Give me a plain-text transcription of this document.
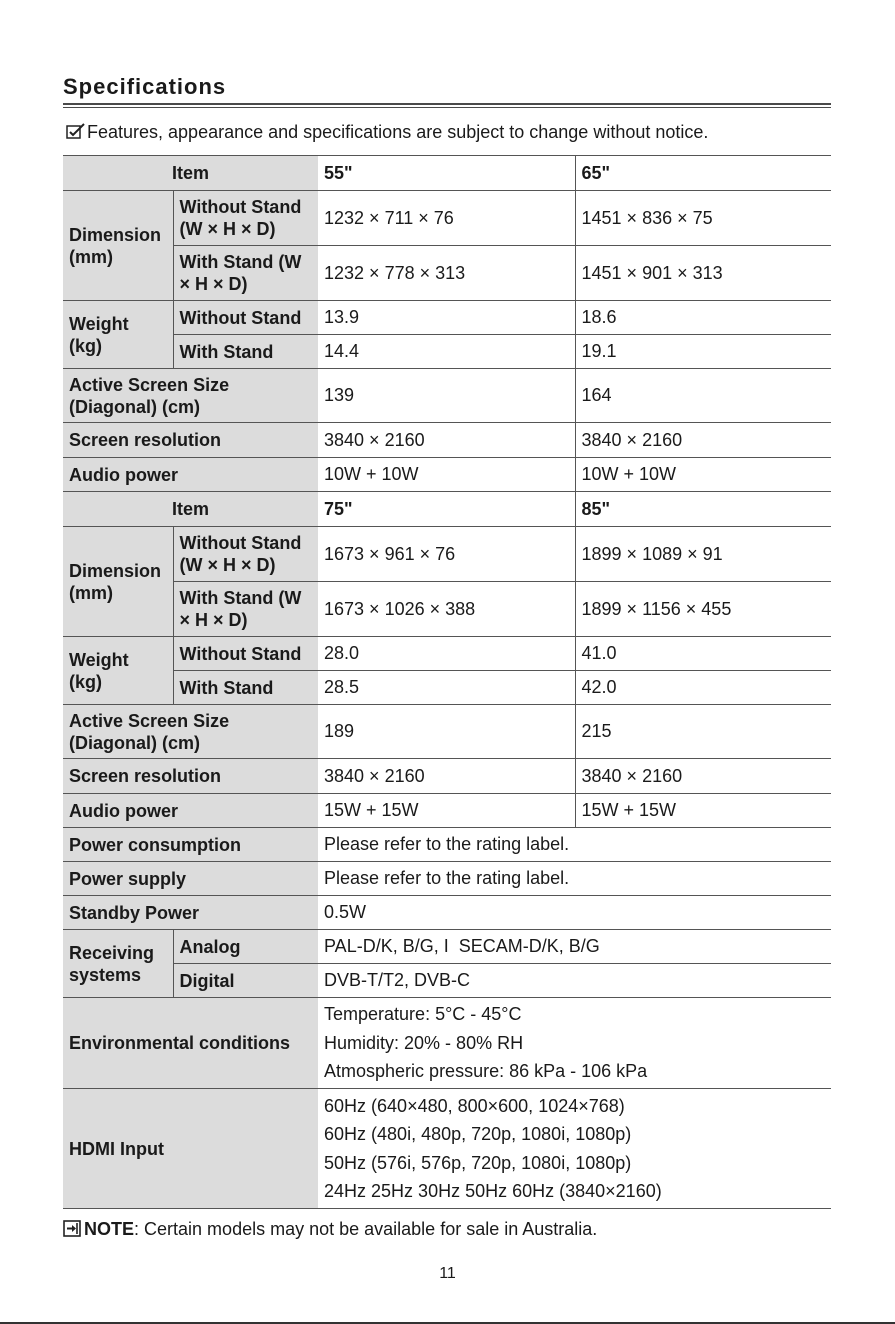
Specifications
Features, appearance and specifications are subject to change without notice.
Item		55"	65"
Dimension (mm)	Without Stand (W × H × D)	1232 × 711 × 76	1451 × 836 × 75
	With Stand (W × H × D)	1232 × 778 × 313	1451 × 901 × 313
Weight (kg)	Without Stand	13.9	18.6
	With Stand	14.4	19.1
Active Screen Size (Diagonal) (cm)		139	164
Screen resolution		3840 × 2160	3840 × 2160
Audio power		10W + 10W	10W + 10W
Item		75"	85"
Dimension (mm)	Without Stand (W × H × D)	1673 × 961 × 76	1899 × 1089 × 91
	With Stand (W × H × D)	1673 × 1026 × 388	1899 × 1156 × 455
Weight (kg)	Without Stand	28.0	41.0
	With Stand	28.5	42.0
Active Screen Size (Diagonal) (cm)		189	215
Screen resolution		3840 × 2160	3840 × 2160
Audio power		15W + 15W	15W + 15W
Power consumption		Please refer to the rating label.	
Power supply		Please refer to the rating label.	
Standby Power		0.5W	
Receiving systems	Analog	PAL-D/K, B/G, I  SECAM-D/K, B/G	
	Digital	DVB-T/T2, DVB-C	
Environmental conditions		Temperature: 5°C - 45°C
Humidity: 20% - 80% RH
Atmospheric pressure: 86 kPa - 106 kPa	

HDMI Input		60Hz (640×480, 800×600, 1024×768)
60Hz (480i, 480p, 720p, 1080i, 1080p)
50Hz (576i, 576p, 720p, 1080i, 1080p)
24Hz 25Hz 30Hz 50Hz 60Hz (3840×2160)	
NOTE: Certain models may not be available for sale in Australia.
11
